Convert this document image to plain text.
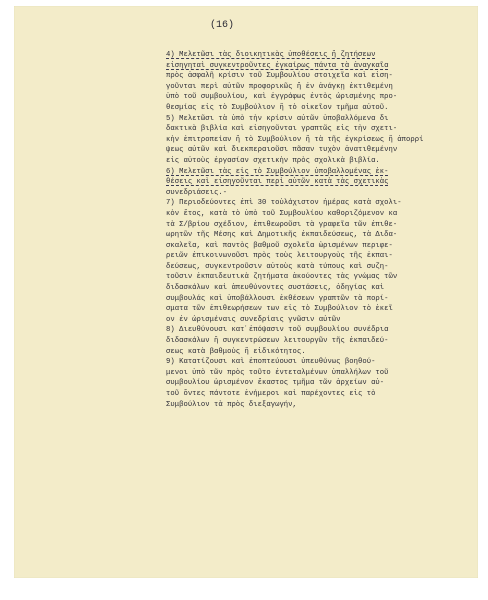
(16)
4) Μελετῶσι τὰς διοικητικὰς ὑποθέσεις ἢ ζητήσεων
εἰσηγηταὶ συγκεντροῦντες ἐγκαίρως πάντα τὰ ἀναγκαῖα
πρὸς ἀσφαλῆ κρίσιν τοῦ Συμβουλίου στοιχεῖα καὶ εἰση-
γοῦνται περὶ αὐτῶν προφορικῶς ἢ ἐν ἀνάγκῃ ἐκτιθεμένη
ὑπὸ τοῦ συμβουλίου, καὶ ἐγγράφως ἐντὸς ὡρισμένης προ-
θεσμίας εἰς τὸ Συμβούλιον ἢ τὸ οἰκεῖον τμῆμα αὐτοῦ.
5) Μελετῶσι τὰ ὑπὸ τὴν κρίσιν αὐτῶν ὑποβαλλόμενα δι
δακτικὰ βιβλία καὶ εἰσηγοῦνται γραπτῶς εἰς τὴν σχετι-
κὴν ἐπιτροπείαν ἢ τὸ Συμβούλιον ἢ τὰ τῆς ἐγκρίσεως ἢ ἀπορρί
ψεως αὐτῶν καὶ διεκπεραιοῦσι πᾶσαν τυχὸν ἀνατιθεμένην
εἰς αὐτοὺς ἐργασίαν σχετικὴν πρὸς σχολικὰ βιβλία.
6) Μελετῶσι τὰς εἰς τὸ Συμβούλιον ὑποβαλλομένας ἐκ-
θέσεις καὶ εἰσηγοῦνται περὶ αὐτῶν κατὰ τὰς σχετικὰς
συνεδριάσεις.-
7) Περιοδεύοντες ἐπὶ 30 τοὐλάχιστον ἡμέρας κατὰ σχολι-
κὸν ἔτος, κατὰ τὸ ὑπὸ τοῦ Συμβουλίου καθοριζόμενον κα
τὰ Σ/βρίου σχέδιον, ἐπιθεωροῦσι τὰ γραφεῖα τῶν ἐπιθε-
ωρητῶν τῆς Μέσης καὶ Δημοτικῆς ἐκπαιδεύσεως, τὰ Διδα-
σκαλεῖα, καὶ παντὸς βαθμοῦ σχολεῖα ὡρισμένων περιφε-
ρειῶν ἐπικοινωνοῦσι πρὸς τοὺς λειτουργοὺς τῆς ἐκπαι-
δεύσεως, συγκεντροῦσιν αὐτοὺς κατὰ τύπους καὶ συζη-
τοῦσιν ἐκπαιδευτικὰ ζητήματα ἀκούοντες τὰς γνώμας τῶν
διδασκάλων καὶ ἀπευθύνοντες συστάσεις, ὁδηγίας καὶ
συμβουλάς καὶ ὑποβάλλουσι ἐκθέσεων γραπτῶν τὰ πορί-
σματα τῶν ἐπιθεωρήσεων των εἰς τὸ Συμβούλιον τὸ ἐκεῖ
ον ἐν ὡρισμέναις συνεδρίαις γνῶσιν αὐτῶν
8) Διευθύνουσι κατ᾽ἐπόψασιν τοῦ συμβουλίου συνέδρια
διδασκάλων ἢ συγκεντρώσεων λειτουργῶν τῆς ἐκπαιδεύ-
σεως κατὰ βαθμοὺς ἢ εἰδικότητος.
9) Κατατίζουσι καὶ ἐποπτεύουσι ὑπευθύνως βοηθού-
μενοι ὑπὸ τῶν πρὸς τοῦτο ἐντεταλμένων ὑπαλλήλων τοῦ
συμβουλίου ὡρισμένον ἕκαστος τμῆμα τῶν ἀρχείων αὐ-
τοῦ ὄντες πάντοτε ἐνήμεροι καὶ παρέχοντες εἰς τὸ
Συμβούλιον τὰ πρὸς διεξαγωγήν,
